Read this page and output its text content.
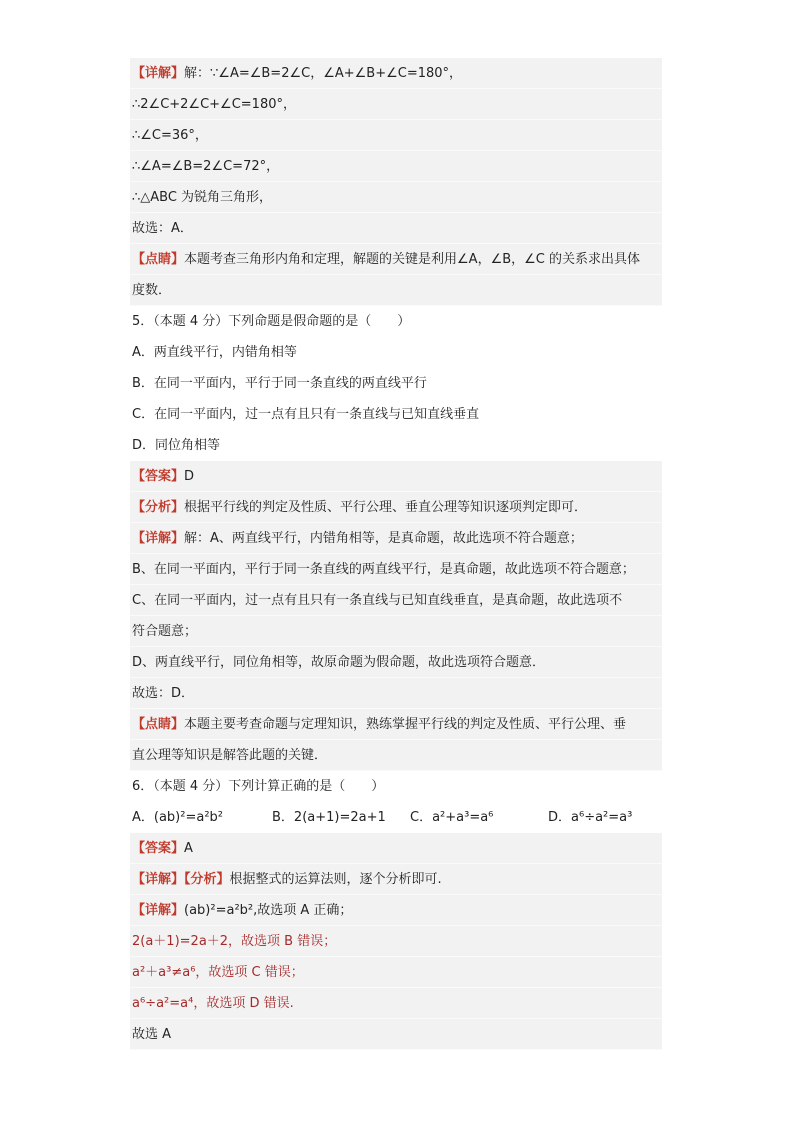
【详解】解：∵∠A=∠B=2∠C，∠A+∠B+∠C=180°，
∴2∠C+2∠C+∠C=180°，
∴∠C=36°，
∴∠A=∠B=2∠C=72°，
∴△ABC 为锐角三角形，
故选：A．
【点睛】本题考查三角形内角和定理，解题的关键是利用∠A，∠B，∠C 的关系求出具体
度数．
5．（本题 4 分）下列命题是假命题的是（　　）
A．两直线平行，内错角相等
B．在同一平面内，平行于同一条直线的两直线平行
C．在同一平面内，过一点有且只有一条直线与已知直线垂直
D．同位角相等
【答案】D
【分析】根据平行线的判定及性质、平行公理、垂直公理等知识逐项判定即可．
【详解】解：A、两直线平行，内错角相等，是真命题，故此选项不符合题意；
B、在同一平面内，平行于同一条直线的两直线平行，是真命题，故此选项不符合题意；
C、在同一平面内，过一点有且只有一条直线与已知直线垂直，是真命题，故此选项不
符合题意；
D、两直线平行，同位角相等，故原命题为假命题，故此选项符合题意．
故选：D．
【点睛】本题主要考查命题与定理知识，熟练掌握平行线的判定及性质、平行公理、垂
直公理等知识是解答此题的关键．
6．（本题 4 分）下列计算正确的是（　　）
A．(ab)²=a²b²	B．2(a+1)=2a+1	C．a²+a³=a⁶	D．a⁶÷a²=a³
【答案】A
【详解】【分析】根据整式的运算法则，逐个分析即可.
【详解】(ab)²=a²b²,故选项 A 正确；
2(a＋1)=2a＋2，故选项 B 错误；
a²＋a³≠a⁶，故选项 C 错误；
a⁶÷a²=a⁴，故选项 D 错误.
故选 A
